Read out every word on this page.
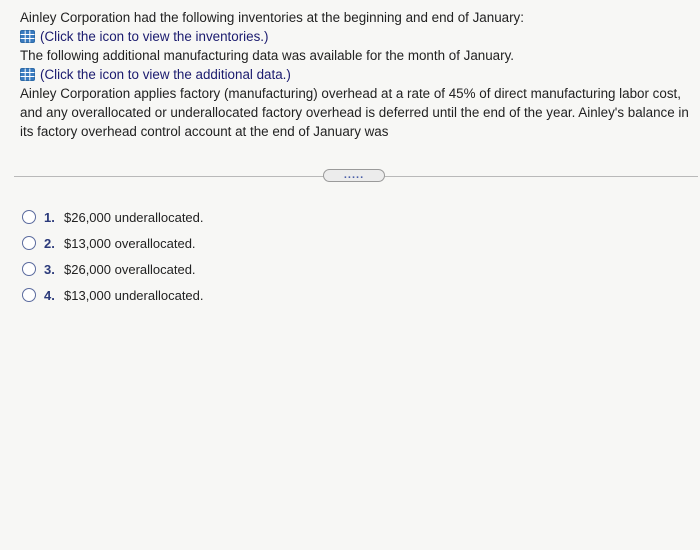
Ainley Corporation had the following inventories at the beginning and end of January:
(Click the icon to view the inventories.)
The following additional manufacturing data was available for the month of January.
(Click the icon to view the additional data.)
Ainley Corporation applies factory (manufacturing) overhead at a rate of 45% of direct manufacturing labor cost,
and any overallocated or underallocated factory overhead is deferred until the end of the year. Ainley's balance in
its factory overhead control account at the end of January was
.....
1. $26,000 underallocated.
2. $13,000 overallocated.
3. $26,000 overallocated.
4. $13,000 underallocated.
